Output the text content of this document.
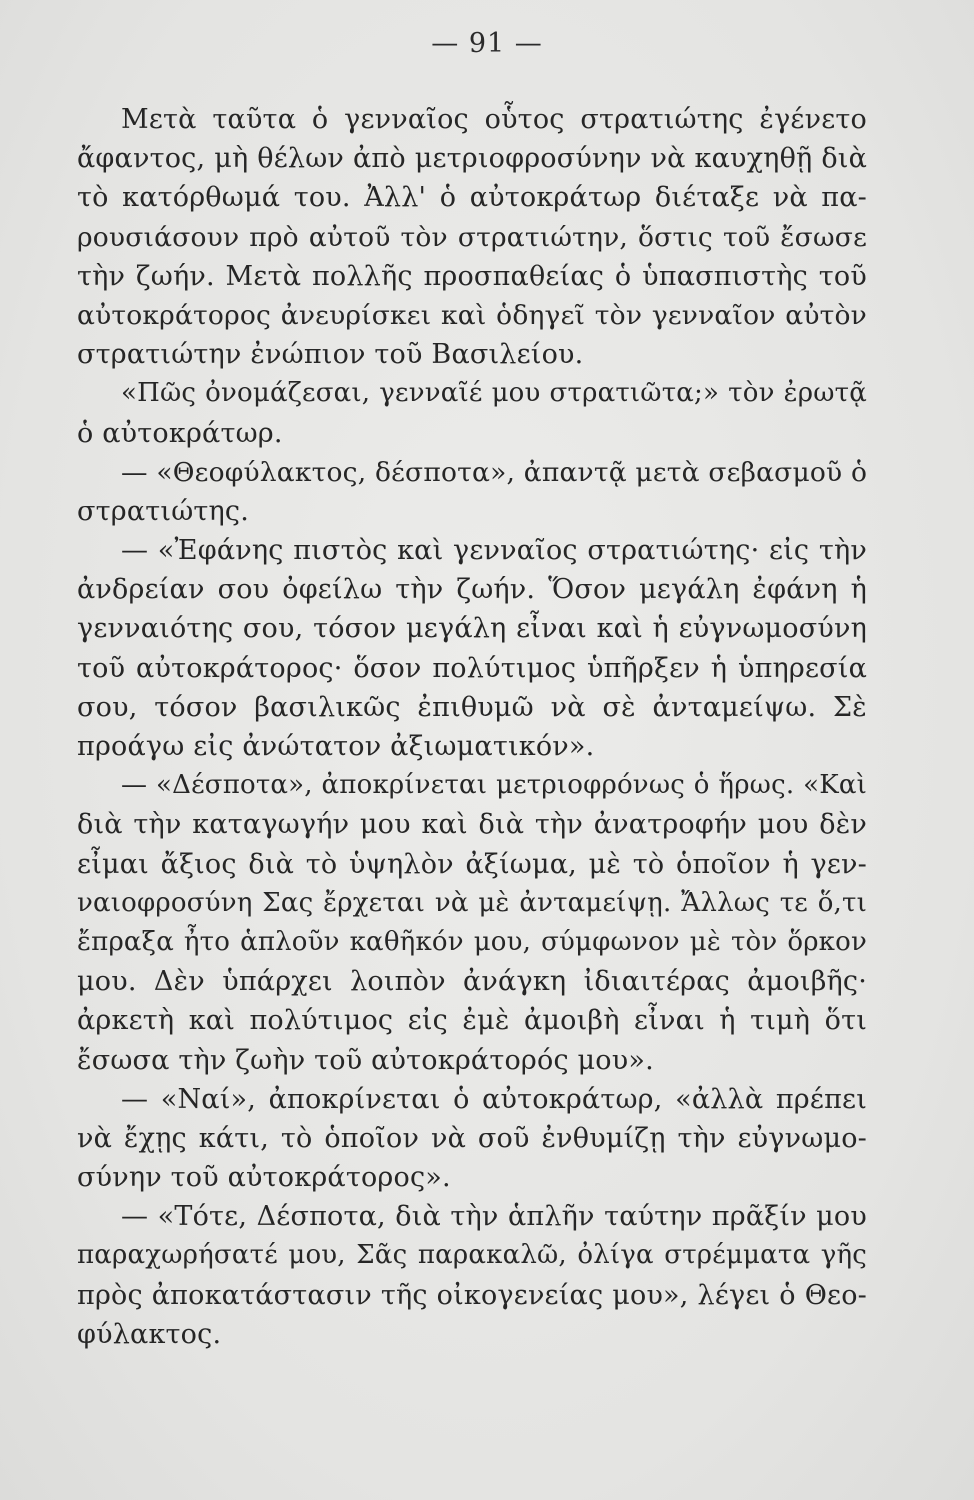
— 91 —
Μετὰ ταῦτα ὁ γενναῖος οὗτος στρατιώτης ἐγένετο
ἄφαντος, μὴ θέλων ἀπὸ μετριοφροσύνην νὰ καυχηθῇ διὰ
τὸ κατόρθωμά του. Ἀλλ' ὁ αὐτοκράτωρ διέταξε νὰ πα-
ρουσιάσουν πρὸ αὐτοῦ τὸν στρατιώτην, ὅστις τοῦ ἔσωσε
τὴν ζωήν. Μετὰ πολλῆς προσπαθείας ὁ ὑπασπιστὴς τοῦ
αὐτοκράτορος ἀνευρίσκει καὶ ὁδηγεῖ τὸν γενναῖον αὐτὸν
στρατιώτην ἐνώπιον τοῦ Βασιλείου.
«Πῶς ὀνομάζεσαι, γενναῖέ μου στρατιῶτα;» τὸν ἐρωτᾷ
ὁ αὐτοκράτωρ.
— «Θεοφύλακτος, δέσποτα», ἀπαντᾷ μετὰ σεβασμοῦ ὁ
στρατιώτης.
— «Ἐφάνης πιστὸς καὶ γενναῖος στρατιώτης· εἰς τὴν
ἀνδρείαν σου ὀφείλω τὴν ζωήν. Ὅσον μεγάλη ἐφάνη ἡ
γενναιότης σου, τόσον μεγάλη εἶναι καὶ ἡ εὐγνωμοσύνη
τοῦ αὐτοκράτορος· ὅσον πολύτιμος ὑπῆρξεν ἡ ὑπηρεσία
σου, τόσον βασιλικῶς ἐπιθυμῶ νὰ σὲ ἀνταμείψω. Σὲ
προάγω εἰς ἀνώτατον ἀξιωματικόν».
— «Δέσποτα», ἀποκρίνεται μετριοφρόνως ὁ ἥρως. «Καὶ
διὰ τὴν καταγωγήν μου καὶ διὰ τὴν ἀνατροφήν μου δὲν
εἶμαι ἄξιος διὰ τὸ ὑψηλὸν ἀξίωμα, μὲ τὸ ὁποῖον ἡ γεν-
ναιοφροσύνη Σας ἔρχεται νὰ μὲ ἀνταμείψῃ. Ἄλλως τε ὅ,τι
ἔπραξα ἦτο ἁπλοῦν καθῆκόν μου, σύμφωνον μὲ τὸν ὅρκον
μου. Δὲν ὑπάρχει λοιπὸν ἀνάγκη ἰδιαιτέρας ἀμοιβῆς·
ἀρκετὴ καὶ πολύτιμος εἰς ἐμὲ ἀμοιβὴ εἶναι ἡ τιμὴ ὅτι
ἔσωσα τὴν ζωὴν τοῦ αὐτοκράτορός μου».
— «Ναί», ἀποκρίνεται ὁ αὐτοκράτωρ, «ἀλλὰ πρέπει
νὰ ἔχῃς κάτι, τὸ ὁποῖον νὰ σοῦ ἐνθυμίζῃ τὴν εὐγνωμο-
σύνην τοῦ αὐτοκράτορος».
— «Τότε, Δέσποτα, διὰ τὴν ἁπλῆν ταύτην πρᾶξίν μου
παραχωρήσατέ μου, Σᾶς παρακαλῶ, ὀλίγα στρέμματα γῆς
πρὸς ἀποκατάστασιν τῆς οἰκογενείας μου», λέγει ὁ Θεο-
φύλακτος.
